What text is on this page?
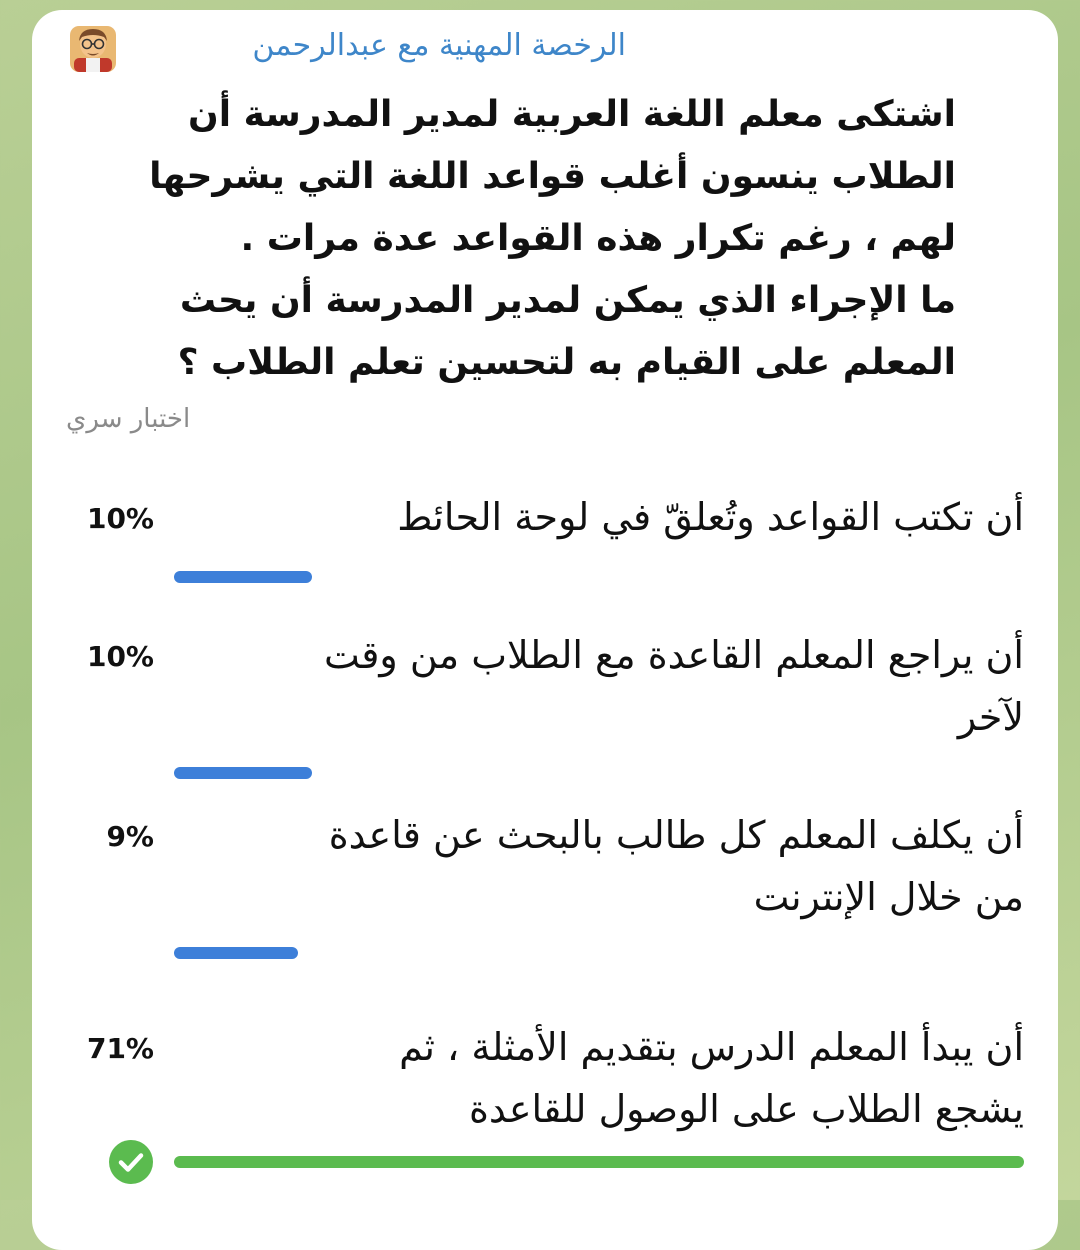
الرخصة المهنية مع عبدالرحمن
اشتكى معلم اللغة العربية لمدير المدرسة أن
الطلاب ينسون أغلب قواعد اللغة التي يشرحها
لهم ، رغم تكرار هذه القواعد عدة مرات .
ما الإجراء الذي يمكن لمدير المدرسة أن يحث
المعلم على القيام به لتحسين تعلم الطلاب ؟
اختبار سري
أن تكتب القواعد وتُعلقّ في لوحة الحائط
10%
أن يراجع المعلم القاعدة مع الطلاب من وقت
لآخر
10%
أن يكلف المعلم كل طالب بالبحث عن قاعدة
من خلال الإنترنت
9%
أن يبدأ المعلم الدرس بتقديم الأمثلة ، ثم
يشجع الطلاب على الوصول للقاعدة
71%
